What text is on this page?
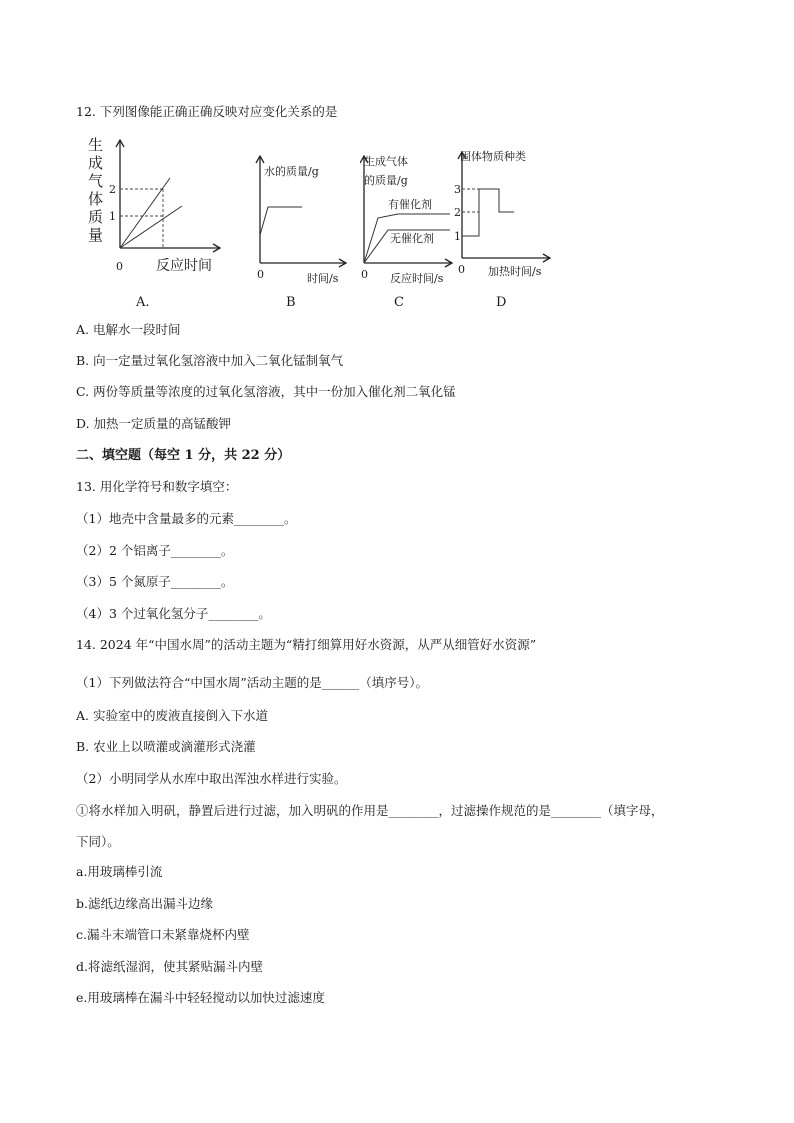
12. 下列图像能正确正确反映对应变化关系的是
生
成
气
体
质
量
2
1
0 反应时间
A.
水的质量/g
0	时间/s
B
生成气体
的质量/g
有催化剂
无催化剂
0 反应时间/s
C
固体物质种类
3
2
1
0 加热时间/s
D
A. 电解水一段时间
B. 向一定量过氧化氢溶液中加入二氧化锰制氧气
C. 两份等质量等浓度的过氧化氢溶液，其中一份加入催化剂二氧化锰
D. 加热一定质量的高锰酸钾
二、填空题（每空 1 分，共 22 分）
13. 用化学符号和数字填空：
（1）地壳中含量最多的元素________。
（2）2 个铝离子________。
（3）5 个氮原子________。
（4）3 个过氧化氢分子________。
14. 2024 年“中国水周”的活动主题为“精打细算用好水资源，从严从细管好水资源”
（1）下列做法符合“中国水周”活动主题的是______（填序号）。
A. 实验室中的废液直接倒入下水道
B. 农业上以喷灌或滴灌形式浇灌
（2）小明同学从水库中取出浑浊水样进行实验。
①将水样加入明矾，静置后进行过滤，加入明矾的作用是________，过滤操作规范的是________（填字母，
下同）。
a.用玻璃棒引流
b.滤纸边缘高出漏斗边缘
c.漏斗末端管口未紧靠烧杯内壁
d.将滤纸湿润，使其紧贴漏斗内壁
e.用玻璃棒在漏斗中轻轻搅动以加快过滤速度
